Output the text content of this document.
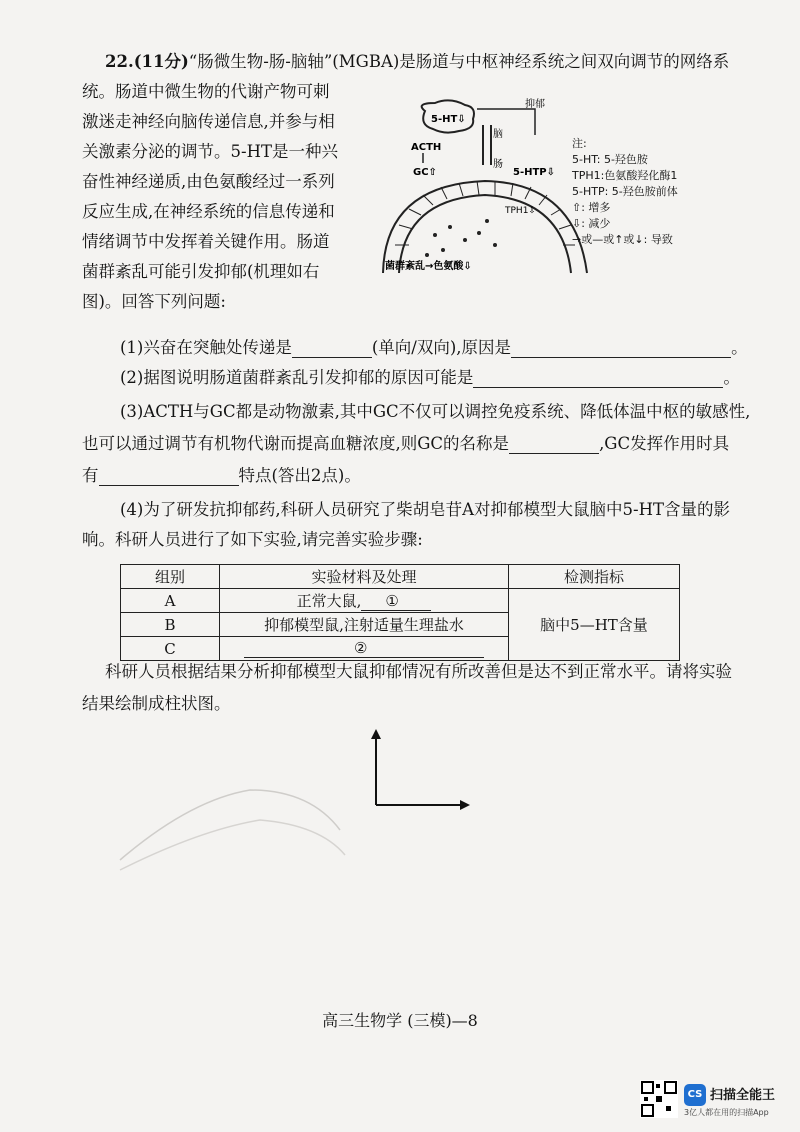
22.(11分)“肠微生物-肠-脑轴”(MGBA)是肠道与中枢神经系统之间双向调节的网络系
统。肠道中微生物的代谢产物可刺
激迷走神经向脑传递信息,并参与相
关激素分泌的调节。5-HT是一种兴
奋性神经递质,由色氨酸经过一系列
反应生成,在神经系统的信息传递和
情绪调节中发挥着关键作用。肠道
菌群紊乱可能引发抑郁(机理如右
图)。回答下列问题:
5-HT⇩
脑
肠
ACTH
GC⇧
抑郁
5-HTP⇩
TPH1⇩
菌群紊乱→色氨酸⇩
注:
5-HT: 5-羟色胺
TPH1:色氨酸羟化酶1
5-HTP: 5-羟色胺前体
⇧: 增多
⇩: 减少
→或—或↑或↓: 导致
(1)兴奋在突触处传递是	(单向/双向),原因是	。
(2)据图说明肠道菌群紊乱引发抑郁的原因可能是	。
(3)ACTH与GC都是动物激素,其中GC不仅可以调控免疫系统、降低体温中枢的敏感性,
也可以通过调节有机物代谢而提高血糖浓度,则GC的名称是	,GC发挥作用时具
有	特点(答出2点)。
(4)为了研发抗抑郁药,科研人员研究了柴胡皂苷A对抑郁模型大鼠脑中5-HT含量的影
响。科研人员进行了如下实验,请完善实验步骤:
组别	实验材料及处理	检测指标
A	正常大鼠, ①	脑中5—HT含量
B	抑郁模型鼠,注射适量生理盐水	
C	②	
科研人员根据结果分析抑郁模型大鼠抑郁情况有所改善但是达不到正常水平。请将实验
结果绘制成柱状图。
高三生物学 (三模)—8
CS 扫描全能王
3亿人都在用的扫描App
